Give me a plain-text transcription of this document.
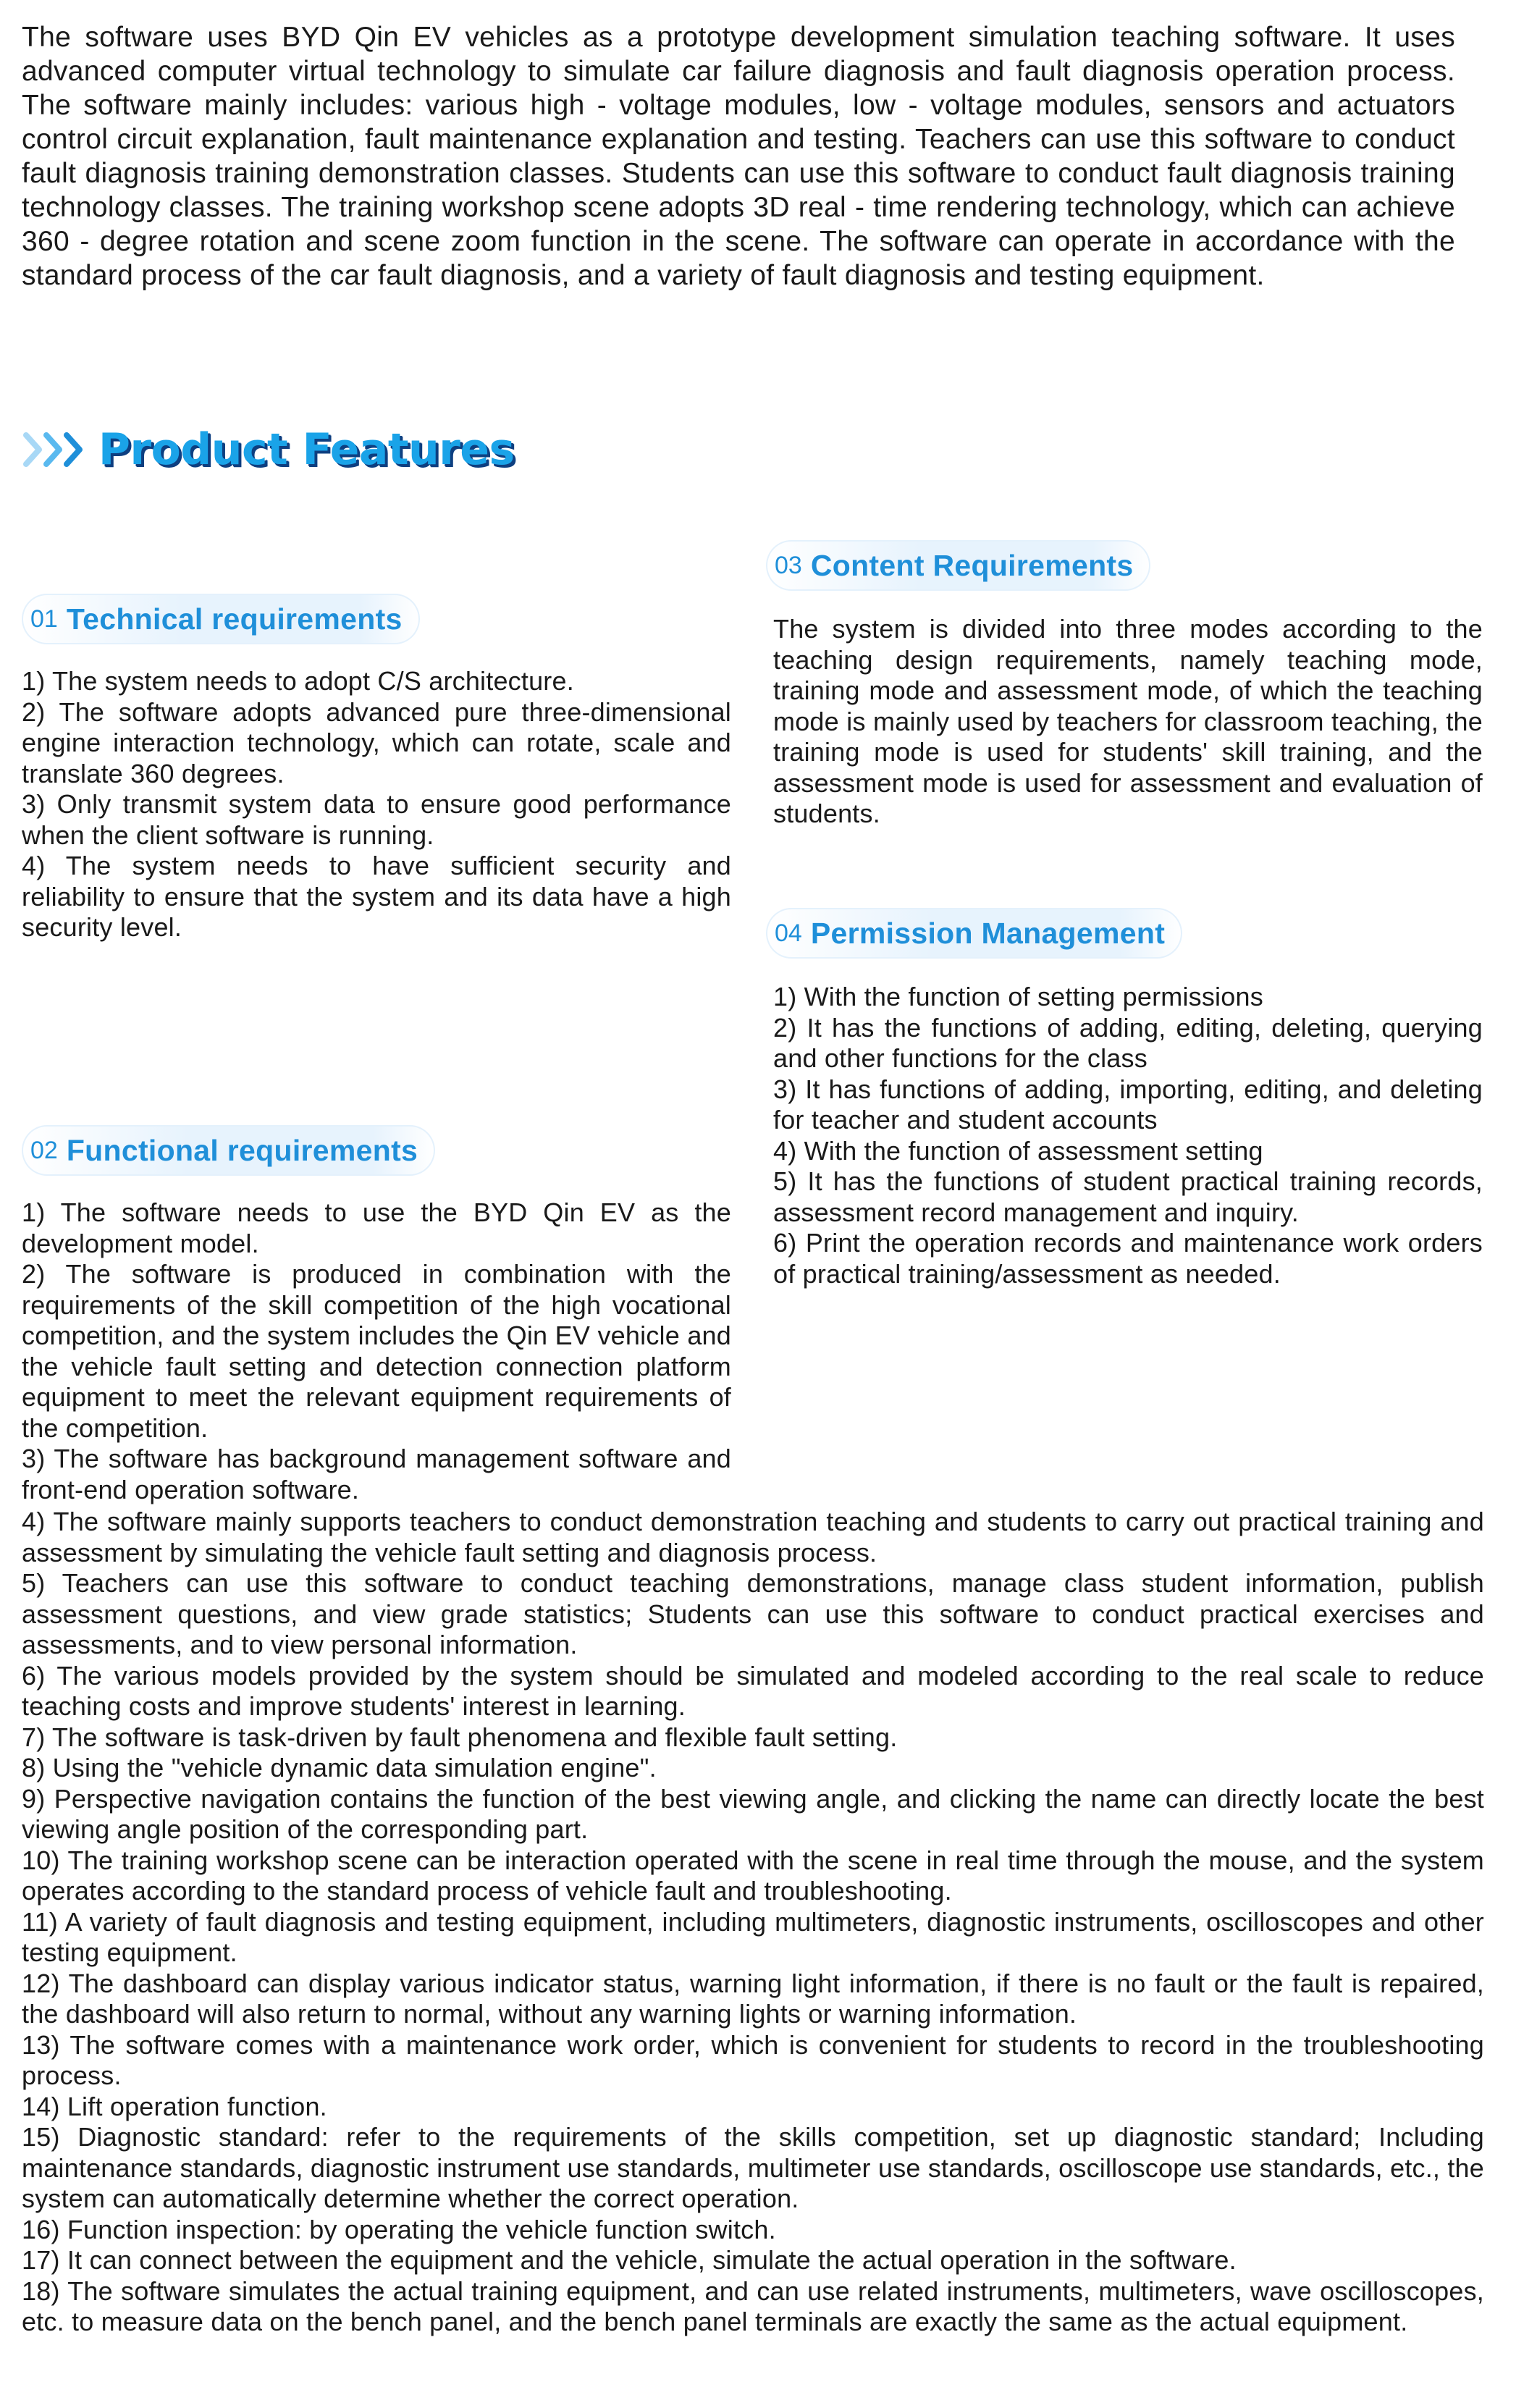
The software uses BYD Qin EV vehicles as a prototype development simulation teaching software. It uses advanced computer virtual technology to simulate car failure diagnosis and fault diagnosis operation process. The software mainly includes: various high - voltage modules, low - voltage modules, sensors and actuators control circuit explanation, fault maintenance explanation and testing. Teachers can use this software to conduct fault diagnosis training demonstration classes. Students can use this software to conduct fault diagnosis training technology classes. The training workshop scene adopts 3D real - time rendering technology, which can achieve 360 - degree rotation and scene zoom function in the scene. The software can operate in accordance with the standard process of the car fault diagnosis, and a variety of fault diagnosis and testing equipment.
Product Features
01 Technical requirements

1) The system needs to adopt C/S architecture.

2) The software adopts advanced pure three-dimensional engine interaction technology, which can rotate, scale and translate 360 degrees.

3) Only transmit system data to ensure good performance when the client software is running.

4) The system needs to have sufficient security and reliability to ensure that the system and its data have a high security level.

03 Content Requirements

The system is divided into three modes according to the teaching design requirements, namely teaching mode, training mode and assessment mode, of which the teaching mode is mainly used by teachers for classroom teaching, the training mode is used for students' skill training, and the assessment mode is used for assessment and evaluation of students.

04 Permission Management

1) With the function of setting permissions

2) It has the functions of adding, editing, deleting, querying and other functions for the class

3) It has functions of adding, importing, editing, and deleting for teacher and student accounts

4) With the function of assessment setting

5) It has the functions of student practical training records, assessment record management and inquiry.

6) Print the operation records and maintenance work orders of practical training/assessment as needed.

02 Functional requirements

1) The software needs to use the BYD Qin EV as the development model.

2) The software is produced in combination with the requirements of the skill competition of the high vocational competition, and the system includes the Qin EV vehicle and the vehicle fault setting and detection connection platform equipment to meet the relevant equipment requirements of the competition.

3) The software has background management software and front-end operation software.

4) The software mainly supports teachers to conduct demonstration teaching and students to carry out practical training and assessment by simulating the vehicle fault setting and diagnosis process.

5) Teachers can use this software to conduct teaching demonstrations, manage class student information, publish assessment questions, and view grade statistics; Students can use this software to conduct practical exercises and assessments, and to view personal information.

6) The various models provided by the system should be simulated and modeled according to the real scale to reduce teaching costs and improve students' interest in learning.

7) The software is task-driven by fault phenomena and flexible fault setting.

8) Using the "vehicle dynamic data simulation engine".

9) Perspective navigation contains the function of the best viewing angle, and clicking the name can directly locate the best viewing angle position of the corresponding part.

10) The training workshop scene can be interaction operated with the scene in real time through the mouse, and the system operates according to the standard process of vehicle fault and troubleshooting.

11) A variety of fault diagnosis and testing equipment, including multimeters, diagnostic instruments, oscilloscopes and other testing equipment.

12) The dashboard can display various indicator status, warning light information, if there is no fault or the fault is repaired, the dashboard will also return to normal, without any warning lights or warning information.

13) The software comes with a maintenance work order, which is convenient for students to record in the troubleshooting process.

14) Lift operation function.

15) Diagnostic standard: refer to the requirements of the skills competition, set up diagnostic standard; Including maintenance standards, diagnostic instrument use standards, multimeter use standards, oscilloscope use standards, etc., the system can automatically determine whether the correct operation.

16) Function inspection: by operating the vehicle function switch.

17) It can connect between the equipment and the vehicle, simulate the actual operation in the software.

18) The software simulates the actual training equipment, and can use related instruments, multimeters, wave oscilloscopes, etc. to measure data on the bench panel, and the bench panel terminals are exactly the same as the actual equipment.
